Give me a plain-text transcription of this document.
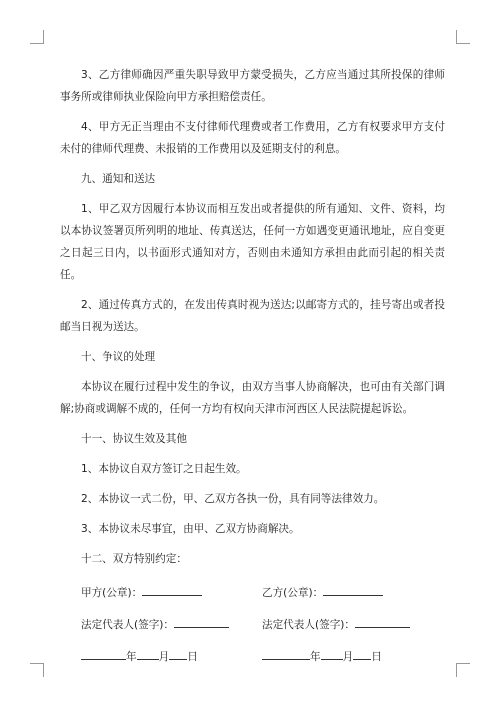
3、乙方律师确因严重失职导致甲方蒙受损失，乙方应当通过其所投保的律师事务所或律师执业保险向甲方承担赔偿责任。

4、甲方无正当理由不支付律师代理费或者工作费用，乙方有权要求甲方支付未付的律师代理费、未报销的工作费用以及延期支付的利息。

九、通知和送达

1、甲乙双方因履行本协议而相互发出或者提供的所有通知、文件、资料，均以本协议签署页所列明的地址、传真送达，任何一方如遇变更通讯地址，应自变更之日起三日内，以书面形式通知对方，否则由未通知方承担由此而引起的相关责任。

2、通过传真方式的，在发出传真时视为送达;以邮寄方式的，挂号寄出或者投邮当日视为送达。

十、争议的处理

本协议在履行过程中发生的争议，由双方当事人协商解决，也可由有关部门调解;协商或调解不成的，任何一方均有权向天津市河西区人民法院提起诉讼。

十一、协议生效及其他

1、本协议自双方签订之日起生效。

2、本协议一式二份，甲、乙双方各执一份，具有同等法律效力。

3、本协议未尽事宜，由甲、乙双方协商解决。

十二、双方特别约定：

甲方(公章)：	乙方(公章)：
法定代表人(签字)：	法定代表人(签字)：
年 月 日	年 月 日
